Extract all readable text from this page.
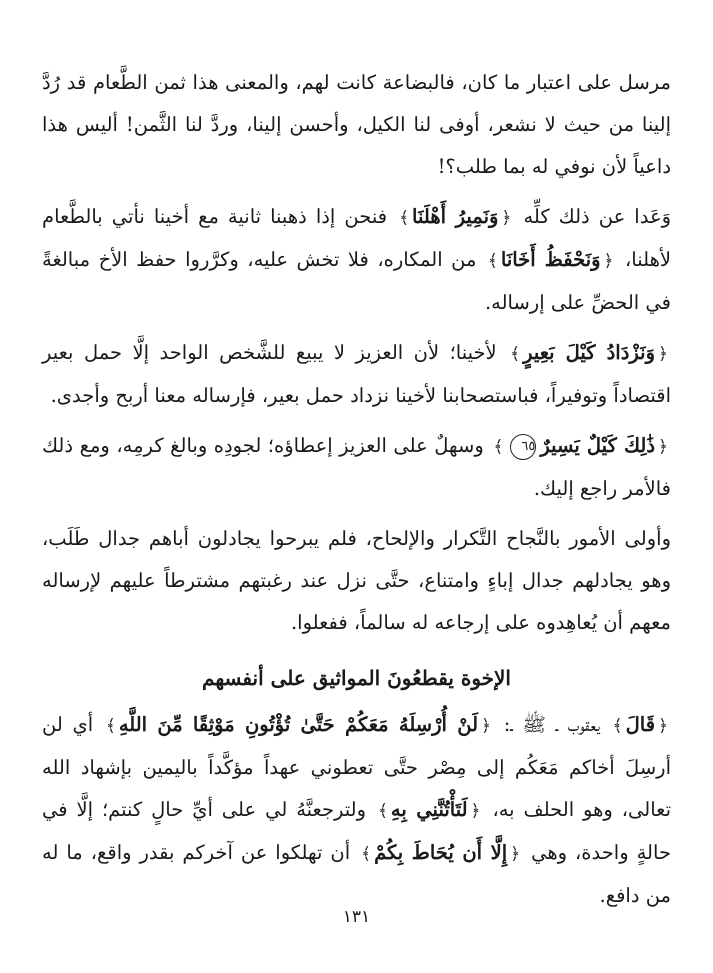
مرسل على اعتبار ما كان، فالبضاعة كانت لهم، والمعنى هذا ثمن الطَّعام قد رُدَّ إلينا من حيث لا نشعر، أوفى لنا الكيل، وأحسن إلينا، وردَّ لنا الثَّمن! أليس هذا داعياً لأن نوفي له بما طلب؟!

وَعَدا عن ذلك كلِّه ﴿وَنَمِيرُ أَهْلَنَا﴾ فنحن إذا ذهبنا ثانية مع أخينا نأتي بالطَّعام لأهلنا، ﴿وَنَحْفَظُ أَخَانَا﴾ من المكاره، فلا تخش عليه، وكرَّروا حفظ الأخ مبالغةً في الحضِّ على إرساله.

﴿وَنَزْدَادُ كَيْلَ بَعِيرٍ﴾ لأخينا؛ لأن العزيز لا يبيع للشَّخص الواحد إلَّا حمل بعير اقتصاداً وتوفيراً، فباستصحابنا لأخينا نزداد حمل بعير، فإرساله معنا أربح وأجدى.

﴿ذَٰلِكَ كَيْلٌ يَسِيرٌ٦٥﴾ وسهلٌ على العزيز إعطاؤه؛ لجودِه وبالغ كرمِه، ومع ذلك فالأمر راجع إليك.

وأولى الأمور بالنَّجاح التَّكرار والإلحاح، فلم يبرحوا يجادلون أباهم جدال طَلَب، وهو يجادلهم جدال إباءٍ وامتناع، حتَّى نزل عند رغبتهم مشترطاً عليهم لإرساله معهم أن يُعاهِدوه على إرجاعه له سالماً، ففعلوا.

الإخوة يقطعُونَ المواثيق على أنفسهم

﴿قَالَ﴾ يعقوب ـ ﷺ ـ: ﴿لَنْ أُرْسِلَهُ مَعَكُمْ حَتَّىٰ تُؤْتُونِ مَوْثِقًا مِّنَ اللَّهِ﴾ أي لن أرسِلَ أخاكم مَعَكُم إلى مِصْر حتَّى تعطوني عهداً مؤكَّداً باليمين بإشهاد الله تعالى، وهو الحلف به، ﴿لَتَأْتُنَّنِي بِهِ﴾ ولترجعنَّهُ لي على أيِّ حالٍ كنتم؛ إلَّا في حالةٍ واحدة، وهي ﴿إِلَّا أَن يُحَاطَ بِكُمْ﴾ أن تهلكوا عن آخركم بقدر واقع، ما له من دافع.

١٣١
